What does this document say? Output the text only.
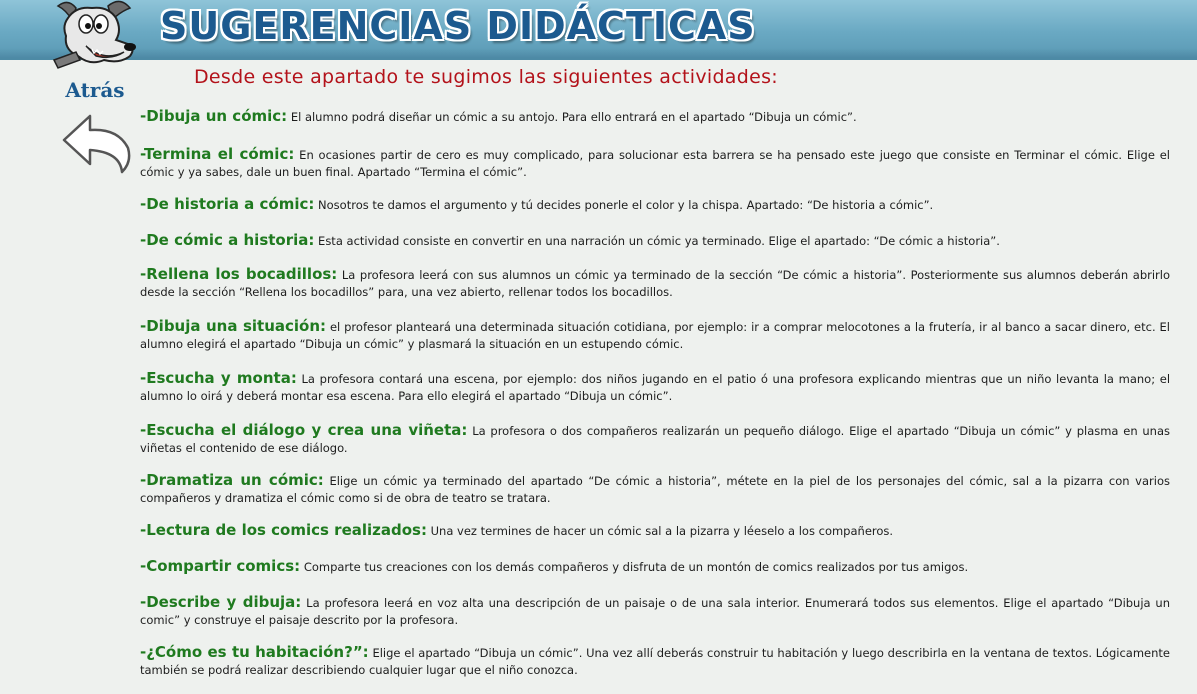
SUGERENCIAS DIDÁCTICAS
Atrás

Desde este apartado te sugimos las siguientes actividades:

-Dibuja un cómic: El alumno podrá diseñar un cómic a su antojo. Para ello entrará en el apartado “Dibuja un cómic”.

-Termina el cómic: En ocasiones partir de cero es muy complicado, para solucionar esta barrera se ha pensado este juego que consiste en Terminar el cómic. Elige el cómic y ya sabes, dale un buen final. Apartado “Termina el cómic”.

-De historia a cómic: Nosotros te damos el argumento y tú decides ponerle el color y la chispa. Apartado: “De historia a cómic”.

-De cómic a historia: Esta actividad consiste en convertir en una narración un cómic ya terminado. Elige el apartado: “De cómic a historia”.

-Rellena los bocadillos: La profesora leerá con sus alumnos un cómic ya terminado de la sección “De cómic a historia”. Posteriormente sus alumnos deberán abrirlo desde la sección “Rellena los bocadillos” para, una vez abierto, rellenar todos los bocadillos.

-Dibuja una situación: el profesor planteará una determinada situación cotidiana, por ejemplo: ir a comprar melocotones a la frutería, ir al banco a sacar dinero, etc. El alumno elegirá el apartado “Dibuja un cómic” y plasmará la situación en un estupendo cómic.

-Escucha y monta: La profesora contará una escena, por ejemplo: dos niños jugando en el patio ó una profesora explicando mientras que un niño levanta la mano; el alumno lo oirá y deberá montar esa escena. Para ello elegirá el apartado “Dibuja un cómic”.

-Escucha el diálogo y crea una viñeta: La profesora o dos compañeros realizarán un pequeño diálogo. Elige el apartado “Dibuja un cómic” y plasma en unas viñetas el contenido de ese diálogo.

-Dramatiza un cómic: Elige un cómic ya terminado del apartado “De cómic a historia”, métete en la piel de los personajes del cómic, sal a la pizarra con varios compañeros y dramatiza el cómic como si de obra de teatro se tratara.

-Lectura de los comics realizados: Una vez termines de hacer un cómic sal a la pizarra y léeselo a los compañeros.

-Compartir comics: Comparte tus creaciones con los demás compañeros y disfruta de un montón de comics realizados por tus amigos.

-Describe y dibuja: La profesora leerá en voz alta una descripción de un paisaje o de una sala interior. Enumerará todos sus elementos. Elige el apartado “Dibuja un comic” y construye el paisaje descrito por la profesora.

-¿Cómo es tu habitación?”: Elige el apartado “Dibuja un cómic”. Una vez allí deberás construir tu habitación y luego describirla en la ventana de textos. Lógicamente también se podrá realizar describiendo cualquier lugar que el niño conozca.
